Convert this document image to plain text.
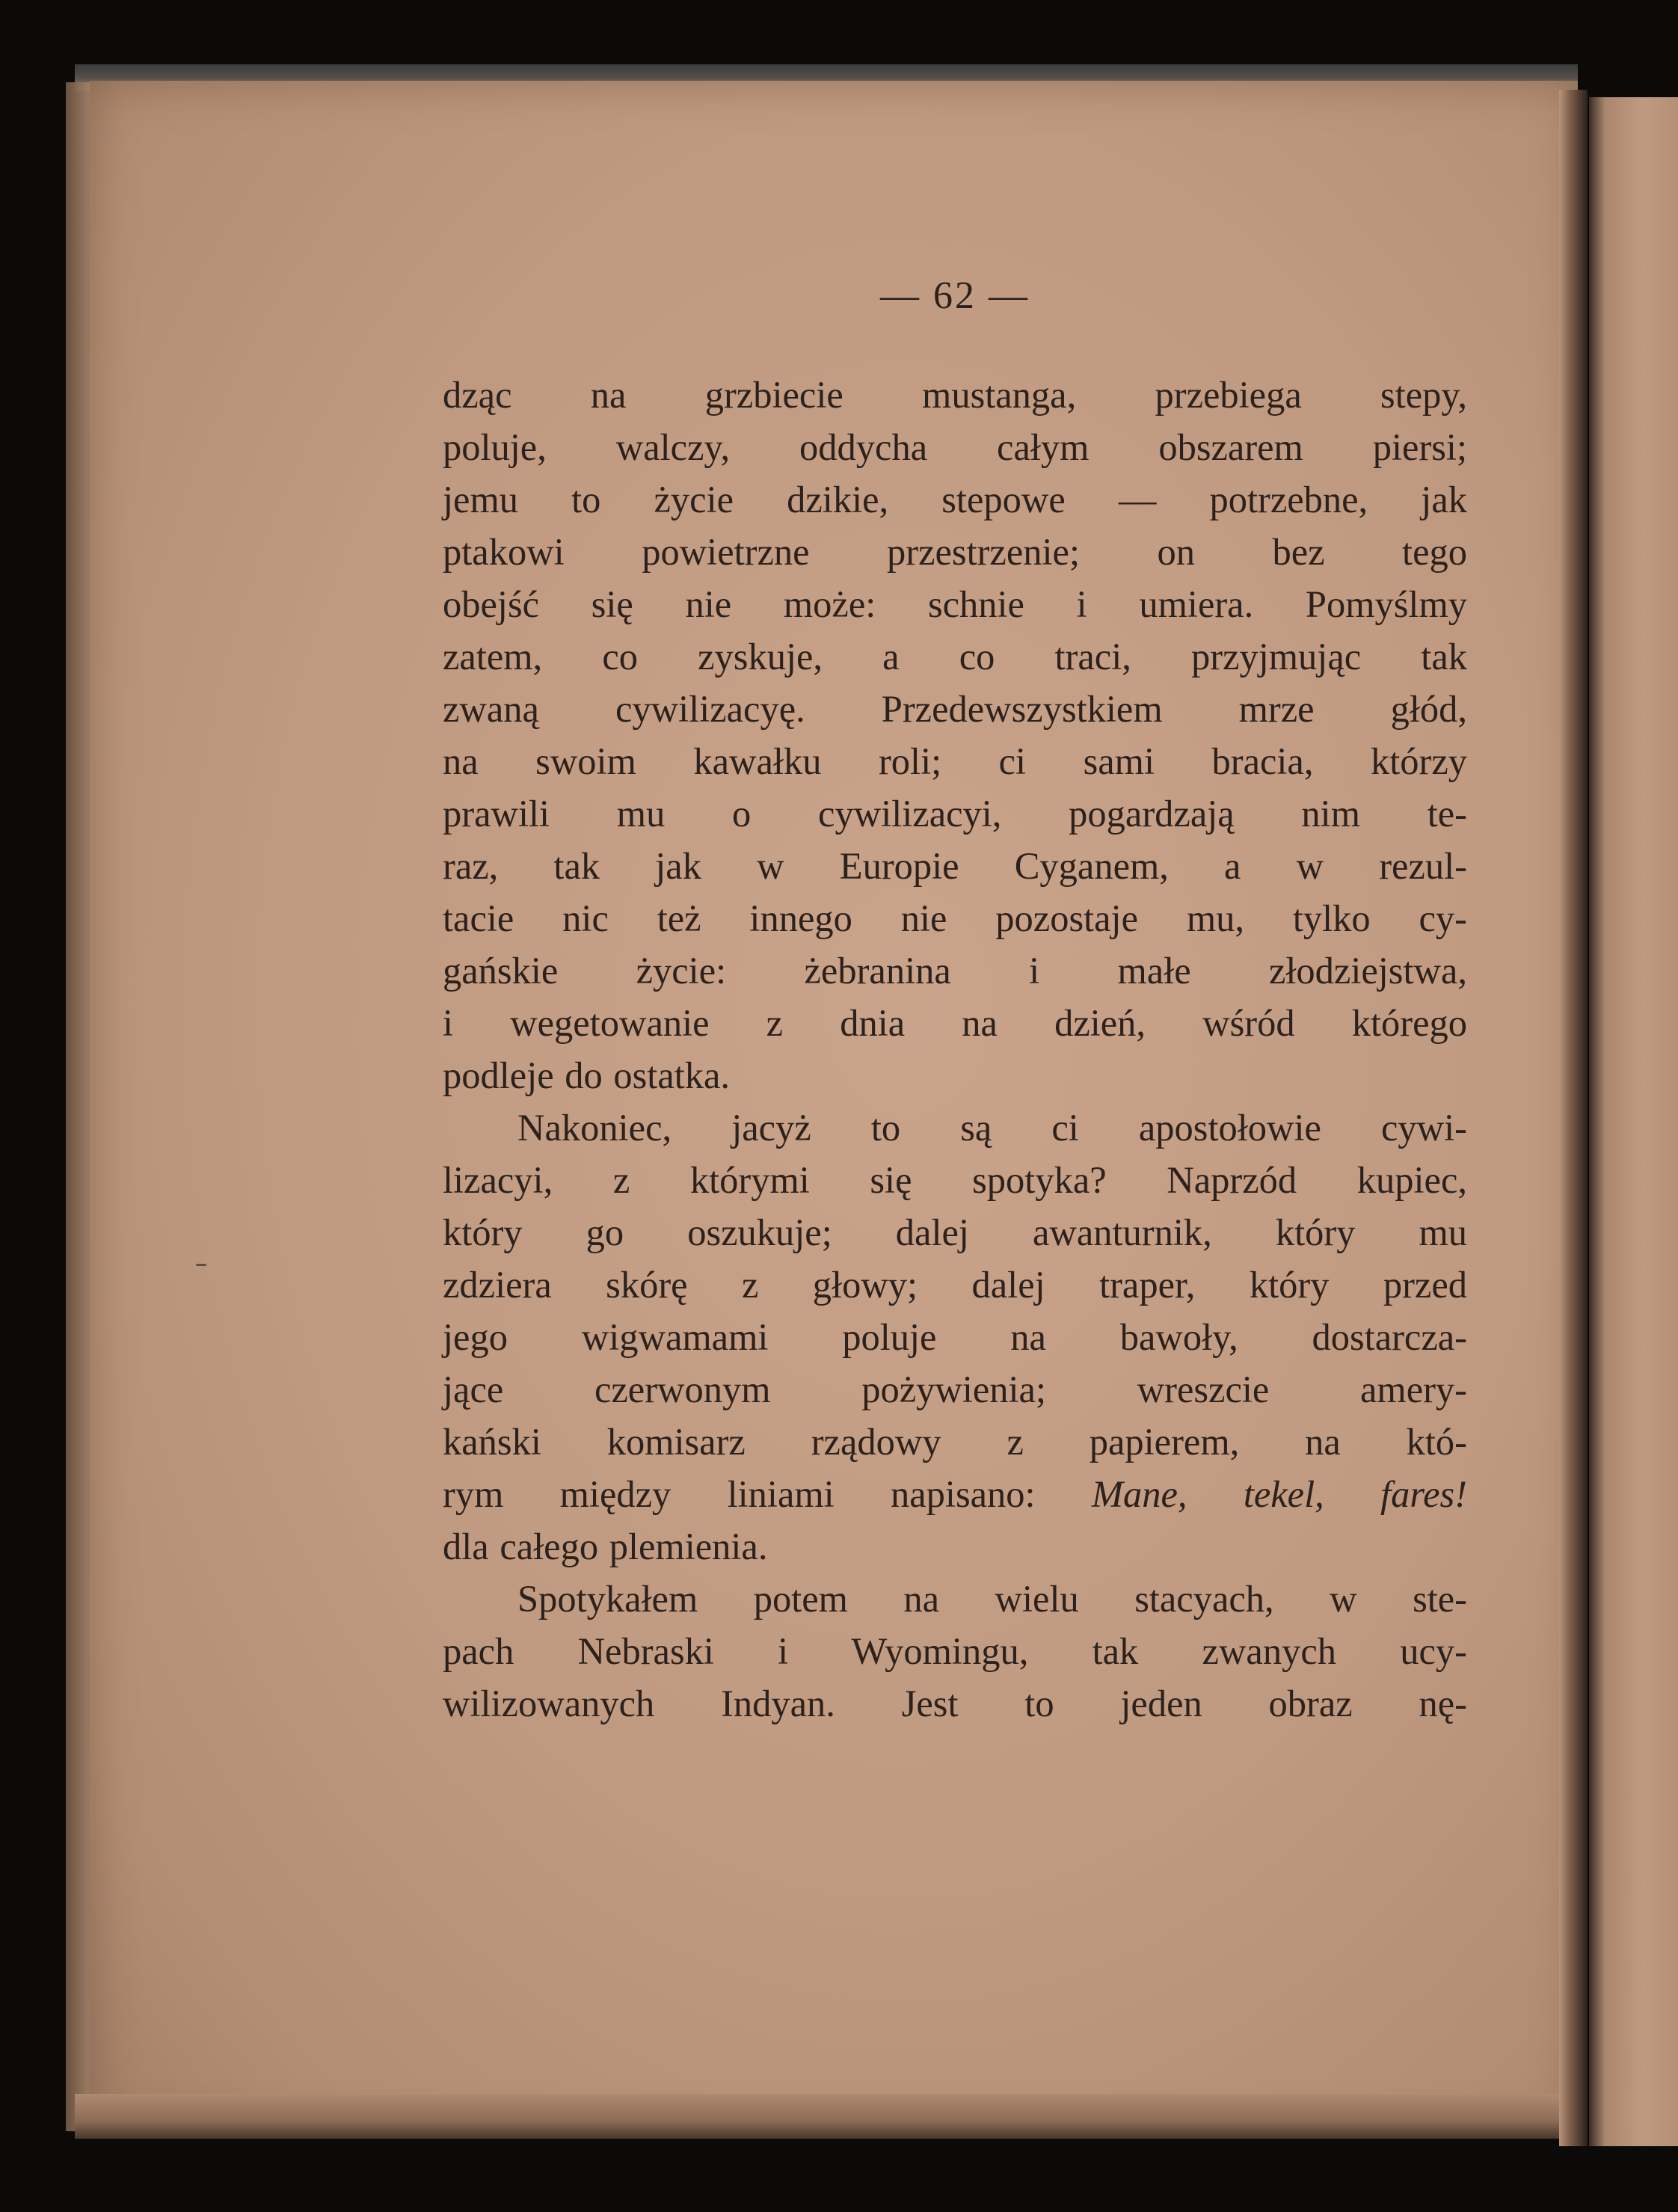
— 62 —
dząc na grzbiecie mustanga, przebiega stepy,
poluje, walczy, oddycha całym obszarem piersi;
jemu to życie dzikie, stepowe — potrzebne, jak
ptakowi powietrzne przestrzenie; on bez tego
obejść się nie może: schnie i umiera. Pomyślmy
zatem, co zyskuje, a co traci, przyjmując tak
zwaną cywilizacyę. Przedewszystkiem mrze głód,
na swoim kawałku roli; ci sami bracia, którzy
prawili mu o cywilizacyi, pogardzają nim te-
raz, tak jak w Europie Cyganem, a w rezul-
tacie nic też innego nie pozostaje mu, tylko cy-
gańskie życie: żebranina i małe złodziejstwa,
i wegetowanie z dnia na dzień, wśród którego
podleje do ostatka.
Nakoniec, jacyż to są ci apostołowie cywi-
lizacyi, z którymi się spotyka? Naprzód kupiec,
który go oszukuje; dalej awanturnik, który mu
zdziera skórę z głowy; dalej traper, który przed
jego wigwamami poluje na bawoły, dostarcza-
jące czerwonym pożywienia; wreszcie amery-
kański komisarz rządowy z papierem, na któ-
rym między liniami napisano: Mane, tekel, fares!
dla całego plemienia.
Spotykałem potem na wielu stacyach, w ste-
pach Nebraski i Wyomingu, tak zwanych ucy-
wilizowanych Indyan. Jest to jeden obraz nę-
